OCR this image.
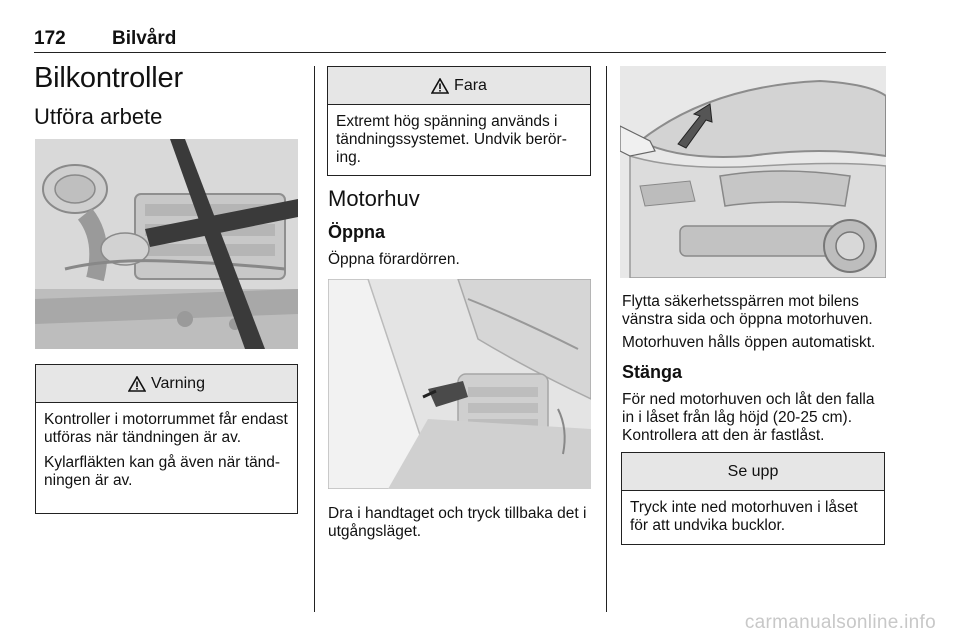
172 Bilvård
Bilkontroller
Utföra arbete
Varning

Kontroller i motorrummet får endast utföras när tändningen är av.

Kylarfläkten kan gå även när tänd-ningen är av.

Fara

Extremt hög spänning används i tändningssystemet. Undvik berör-ing.

Motorhuv
Öppna
Öppna förardörren.
Dra i handtaget och tryck tillbaka det i utgångsläget.
Flytta säkerhetsspärren mot bilens vänstra sida och öppna motorhuven.
Motorhuven hålls öppen automatiskt.
Stänga
För ned motorhuven och låt den falla in i låset från låg höjd (20-25 cm). Kontrollera att den är fastlåst.
Se upp

Tryck inte ned motorhuven i låset för att undvika bucklor.

carmanualsonline.info
